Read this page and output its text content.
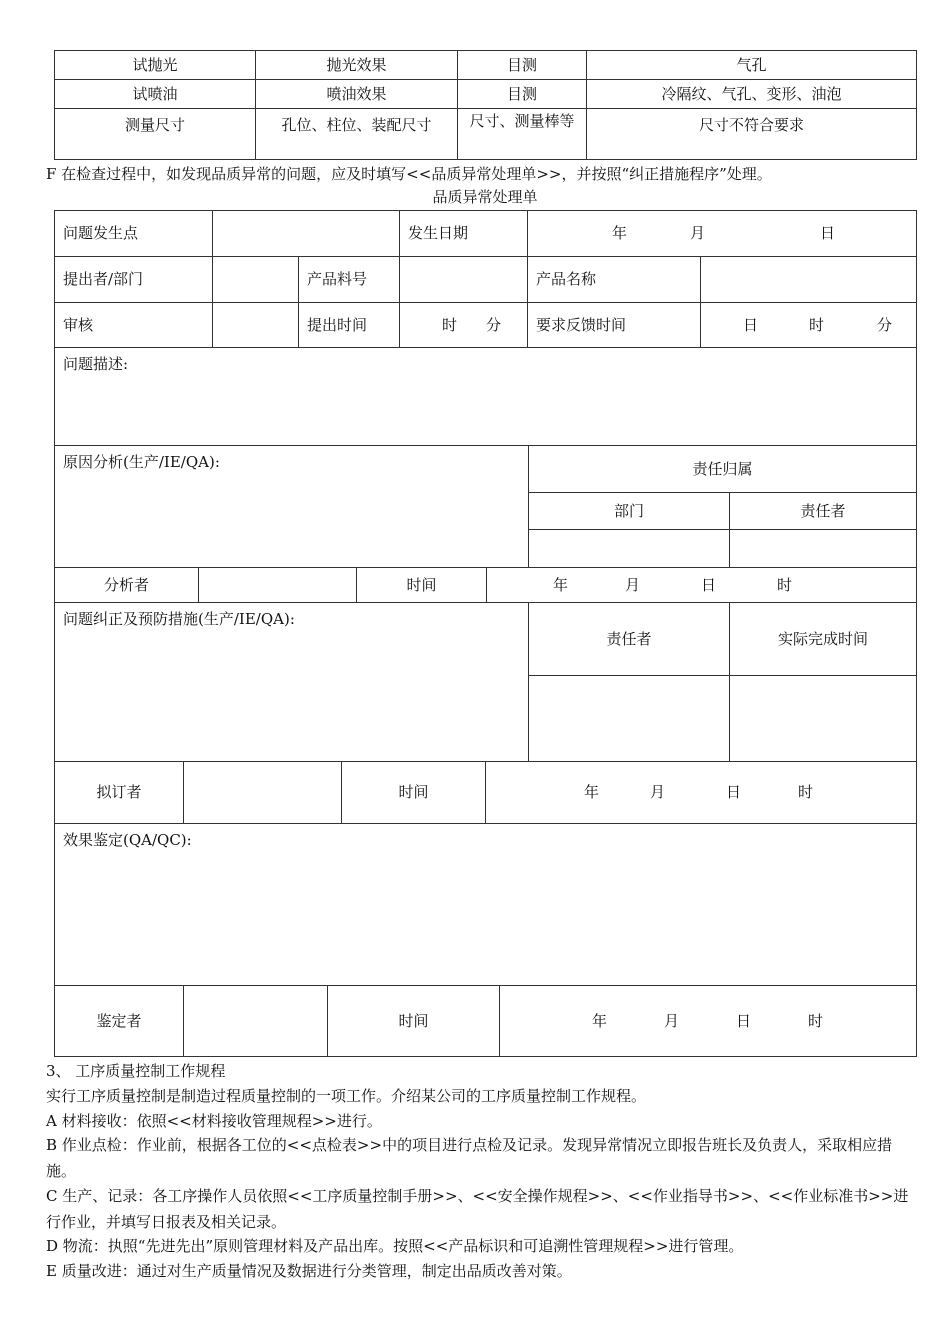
试抛光	抛光效果	目测	气孔
试喷油	喷油效果	目测	冷隔纹、气孔、变形、油泡
测量尺寸	孔位、柱位、装配尺寸	尺寸、测量棒等	尺寸不符合要求
F 在检查过程中，如发现品质异常的问题，应及时填写<<品质异常处理单>>，并按照“纠正措施程序”处理。
品质异常处理单
问题发生点			发生日期	年 月 日	
提出者/部门		产品料号		产品名称	
审核		提出时间	时 分	要求反馈时间	日 时 分
问题描述:					
原因分析(生产/IE/QA):	责任归属	
	部门	责任者

分析者		时间	年	月	日	时
问题纠正及预防措施(生产/IE/QA):	责任者	实际完成时间

拟订者		时间	年	月	日	时
效果鉴定(QA/QC):
鉴定者		时间	年	月	日	时
3、 工序质量控制工作规程
实行工序质量控制是制造过程质量控制的一项工作。介绍某公司的工序质量控制工作规程。
A 材料接收：依照<<材料接收管理规程>>进行。
B 作业点检：作业前，根据各工位的<<点检表>>中的项目进行点检及记录。发现异常情况立即报告班长及负责人，采取相应措施。
C 生产、记录：各工序操作人员依照<<工序质量控制手册>>、<<安全操作规程>>、<<作业指导书>>、<<作业标准书>>进行作业，并填写日报表及相关记录。
D 物流：执照“先进先出”原则管理材料及产品出库。按照<<产品标识和可追溯性管理规程>>进行管理。
E 质量改进：通过对生产质量情况及数据进行分类管理，制定出品质改善对策。
